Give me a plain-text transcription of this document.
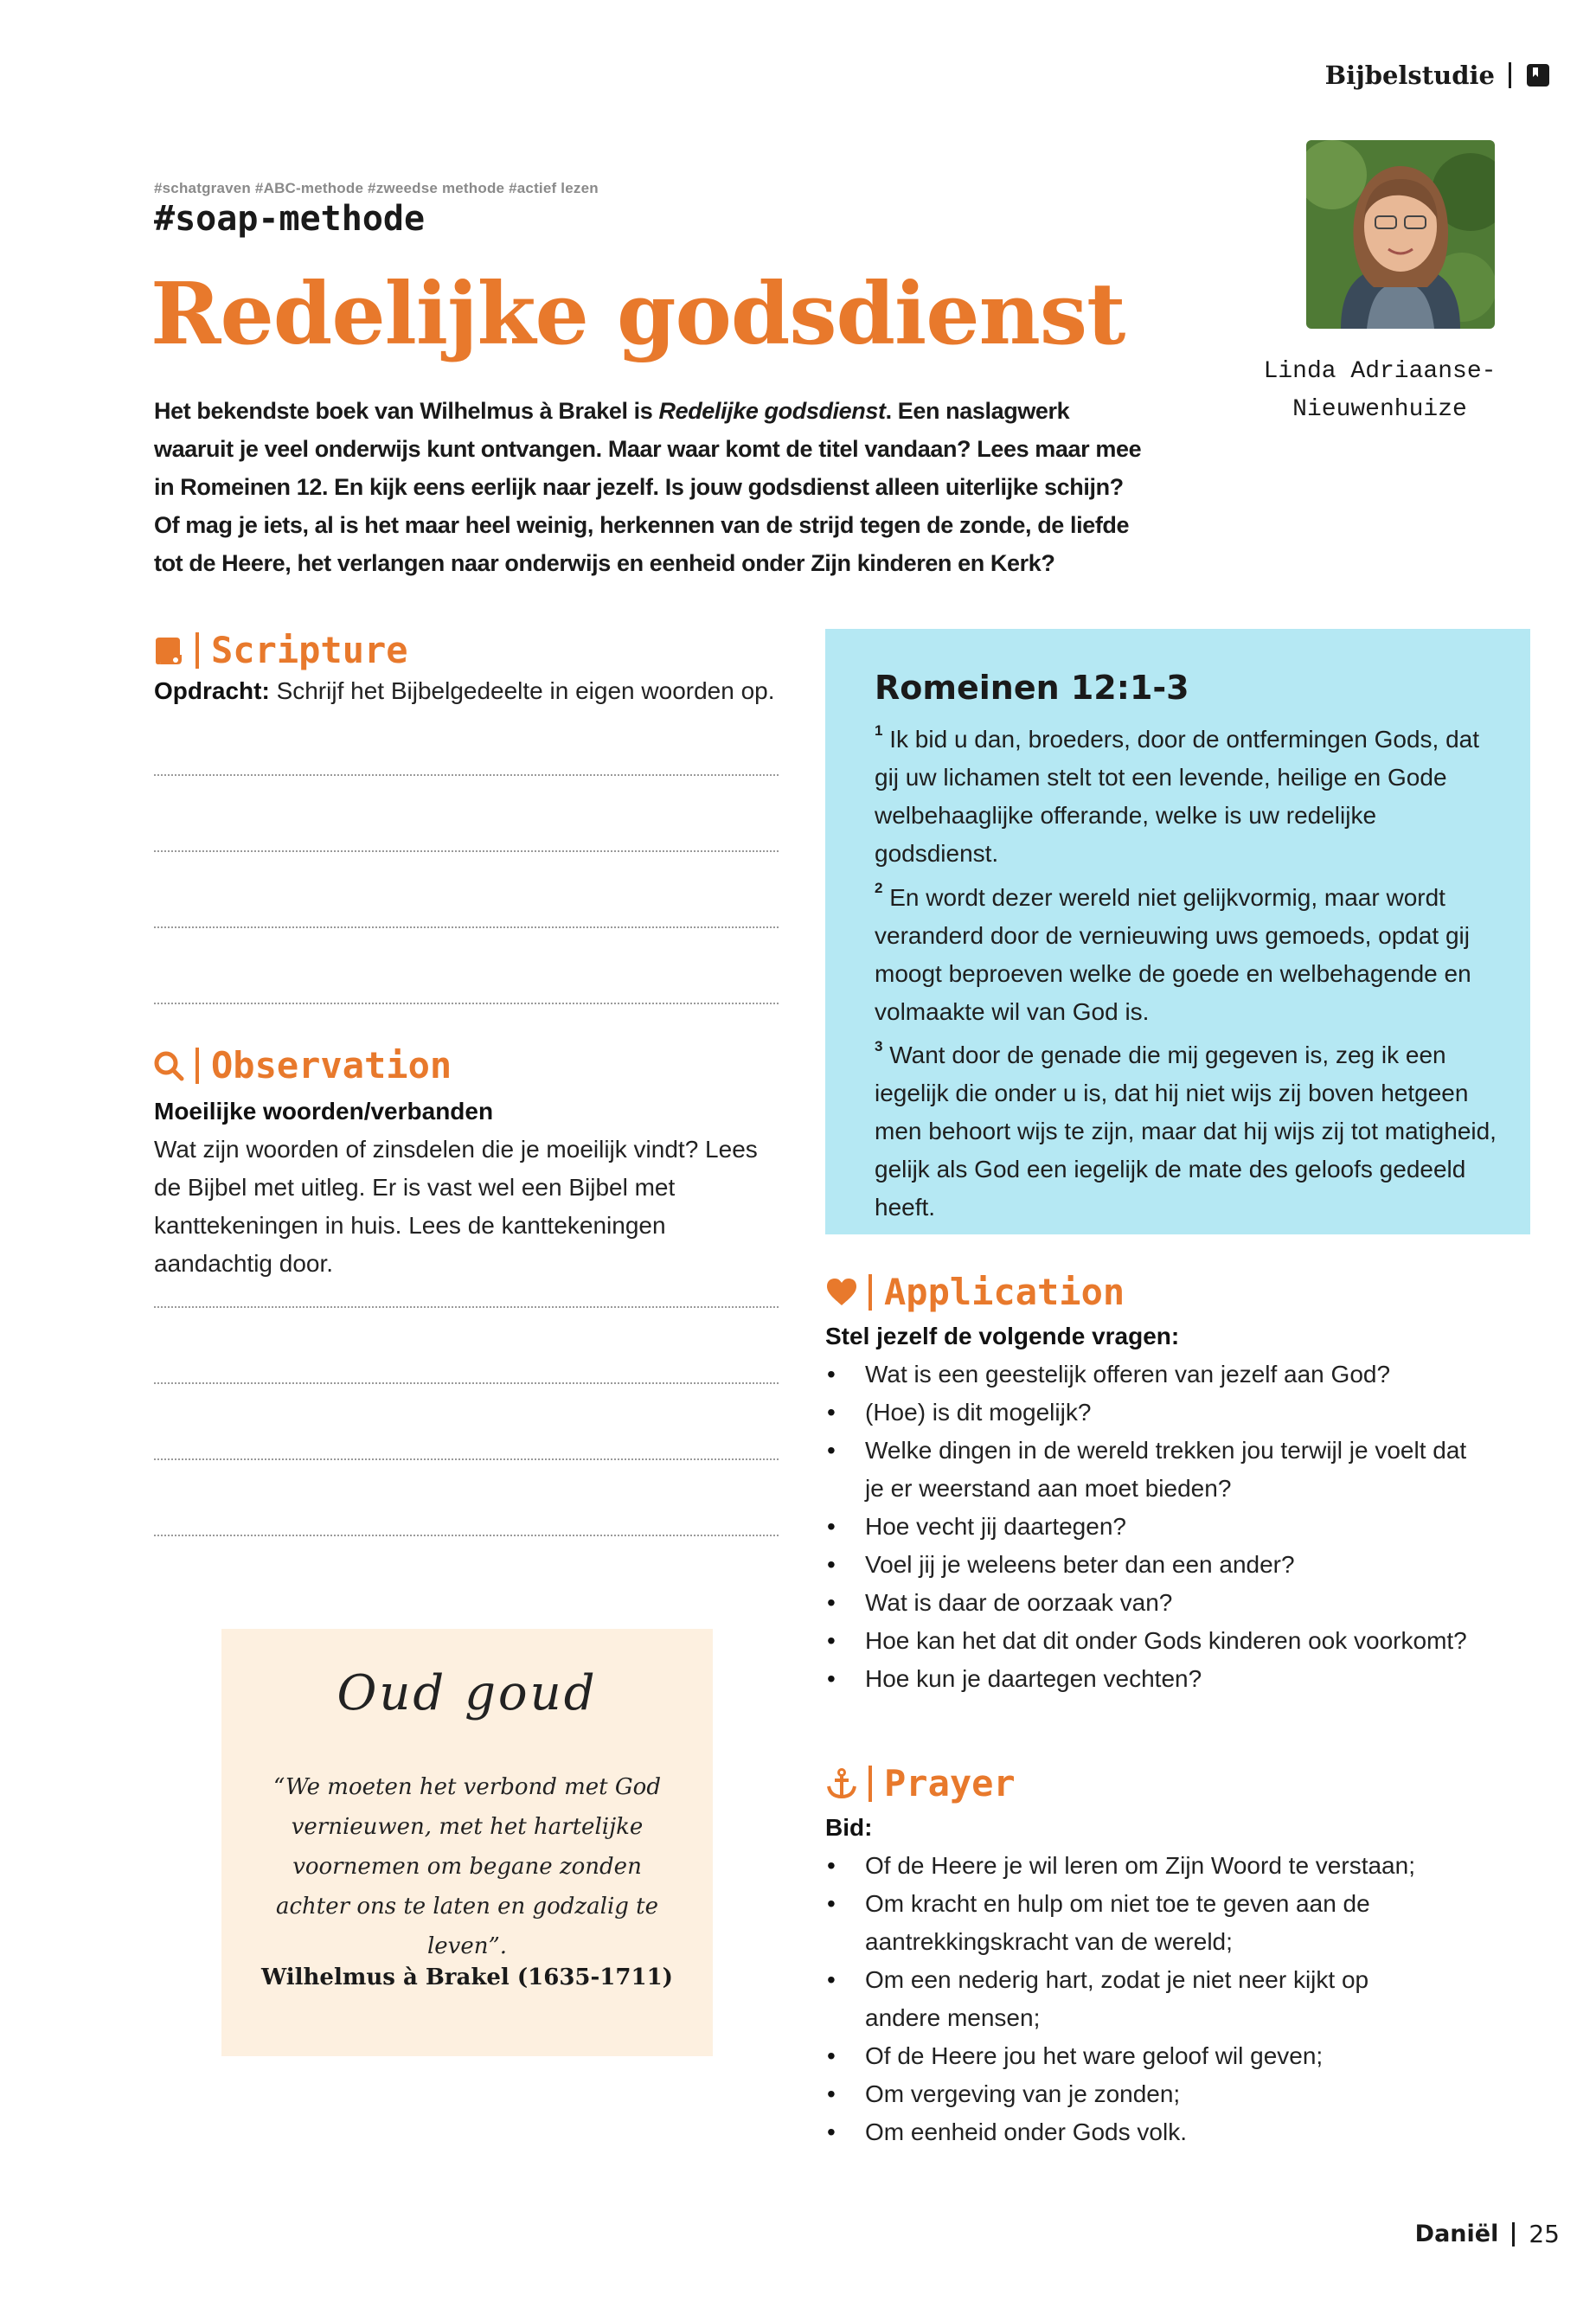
Bijbelstudie
#schatgraven #ABC-methode #zweedse methode #actief lezen
#soap-methode
Redelijke godsdienst
Het bekendste boek van Wilhelmus à Brakel is Redelijke godsdienst. Een naslagwerk waaruit je veel onderwijs kunt ontvangen. Maar waar komt de titel vandaan? Lees maar mee in Romeinen 12. En kijk eens eerlijk naar jezelf. Is jouw godsdienst alleen uiterlijke schijn? Of mag je iets, al is het maar heel weinig, herkennen van de strijd tegen de zonde, de liefde tot de Heere, het verlangen naar onderwijs en eenheid onder Zijn kinderen en Kerk?
Linda Adriaanse-
Nieuwenhuize
Scripture
Opdracht: Schrijf het Bijbelgedeelte in eigen woorden op.
Observation
Moeilijke woorden/verbanden
Wat zijn woorden of zinsdelen die je moeilijk vindt? Lees de Bijbel met uitleg. Er is vast wel een Bijbel met kanttekeningen in huis. Lees de kanttekeningen aandachtig door.
Oud goud
“We moeten het verbond met God vernieuwen, met het hartelijke voornemen om begane zonden achter ons te laten en godzalig te leven”.
Wilhelmus à Brakel (1635-1711)
Romeinen 12:1-3
$^1$ Ik bid u dan, broeders, door de ontfermingen Gods, dat gij uw lichamen stelt tot een levende, heilige en Gode welbehaaglijke offerande, welke is uw redelijke godsdienst.
$^2$ En wordt dezer wereld niet gelijkvormig, maar wordt veranderd door de vernieuwing uws gemoeds, opdat gij moogt beproeven welke de goede en welbehagende en volmaakte wil van God is.
$^3$ Want door de genade die mij gegeven is, zeg ik een iegelijk die onder u is, dat hij niet wijs zij boven hetgeen men behoort wijs te zijn, maar dat hij wijs zij tot matigheid, gelijk als God een iegelijk de mate des geloofs gedeeld heeft.
Application
Stel jezelf de volgende vragen:
• Wat is een geestelijk offeren van jezelf aan God?
• (Hoe) is dit mogelijk?
• Welke dingen in de wereld trekken jou terwijl je voelt dat je er weerstand aan moet bieden?
• Hoe vecht jij daartegen?
• Voel jij je weleens beter dan een ander?
• Wat is daar de oorzaak van?
• Hoe kan het dat dit onder Gods kinderen ook voorkomt?
• Hoe kun je daartegen vechten?
Prayer
Bid:
• Of de Heere je wil leren om Zijn Woord te verstaan;
• Om kracht en hulp om niet toe te geven aan de aantrekkingskracht van de wereld;
• Om een nederig hart, zodat je niet neer kijkt op andere mensen;
• Of de Heere jou het ware geloof wil geven;
• Om vergeving van je zonden;
• Om eenheid onder Gods volk.
Daniël 25
